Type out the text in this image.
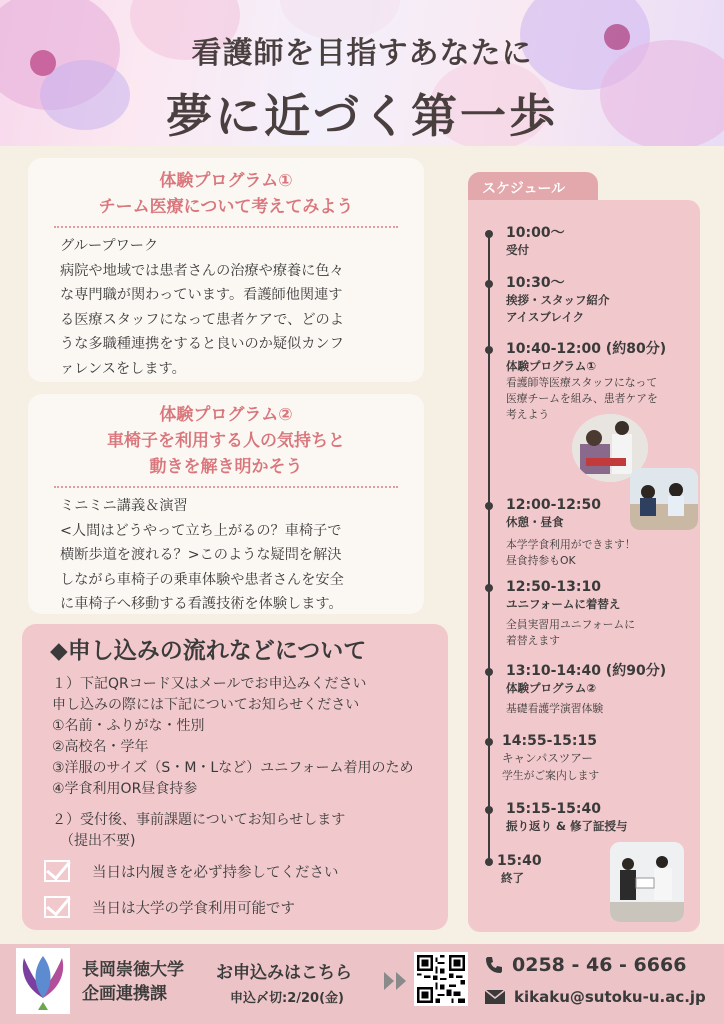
看護師を目指すあなたに
夢に近づく第一歩
体験プログラム①
チーム医療について考えてみよう
グループワーク
病院や地域では患者さんの治療や療養に色々
な専門職が関わっています。看護師他関連す
る医療スタッフになって患者ケアで、どのよ
うな多職種連携をすると良いのか疑似カンフ
ァレンスをします。
体験プログラム②
車椅子を利用する人の気持ちと
動きを解き明かそう
ミニミニ講義＆演習
<人間はどうやって立ち上がるの？車椅子で
横断歩道を渡れる？>このような疑問を解決
しながら車椅子の乗車体験や患者さんを安全
に車椅子へ移動する看護技術を体験します。
◆申し込みの流れなどについて
１）下記QRコード又はメールでお申込みください
申し込みの際には下記についてお知らせください
①名前・ふりがな・性別
②高校名・学年
③洋服のサイズ（S・M・Lなど）ユニフォーム着用のため
④学食利用OR昼食持参
２）受付後、事前課題についてお知らせします
（提出不要)
当日は内履きを必ず持参してください
当日は大学の学食利用可能です
スケジュール
10:00～
受付
10:30～
挨拶・スタッフ紹介
アイスブレイク
10:40-12:00 (約80分)
体験プログラム①
看護師等医療スタッフになって
医療チームを組み、患者ケアを
考えよう
12:00-12:50
休憩・昼食
本学学食利用ができます！
昼食持参もOK
12:50-13:10
ユニフォームに着替え
全員実習用ユニフォームに
着替えます
13:10-14:40 (約90分)
体験プログラム②
基礎看護学演習体験
14:55-15:15
キャンパスツアー
学生がご案内します
15:15-15:40
振り返り & 修了証授与
15:40
終了
長岡崇徳大学
企画連携課
お申込みはこちら
申込〆切:2/20(金)
0258 - 46 - 6666
kikaku@sutoku-u.ac.jp
